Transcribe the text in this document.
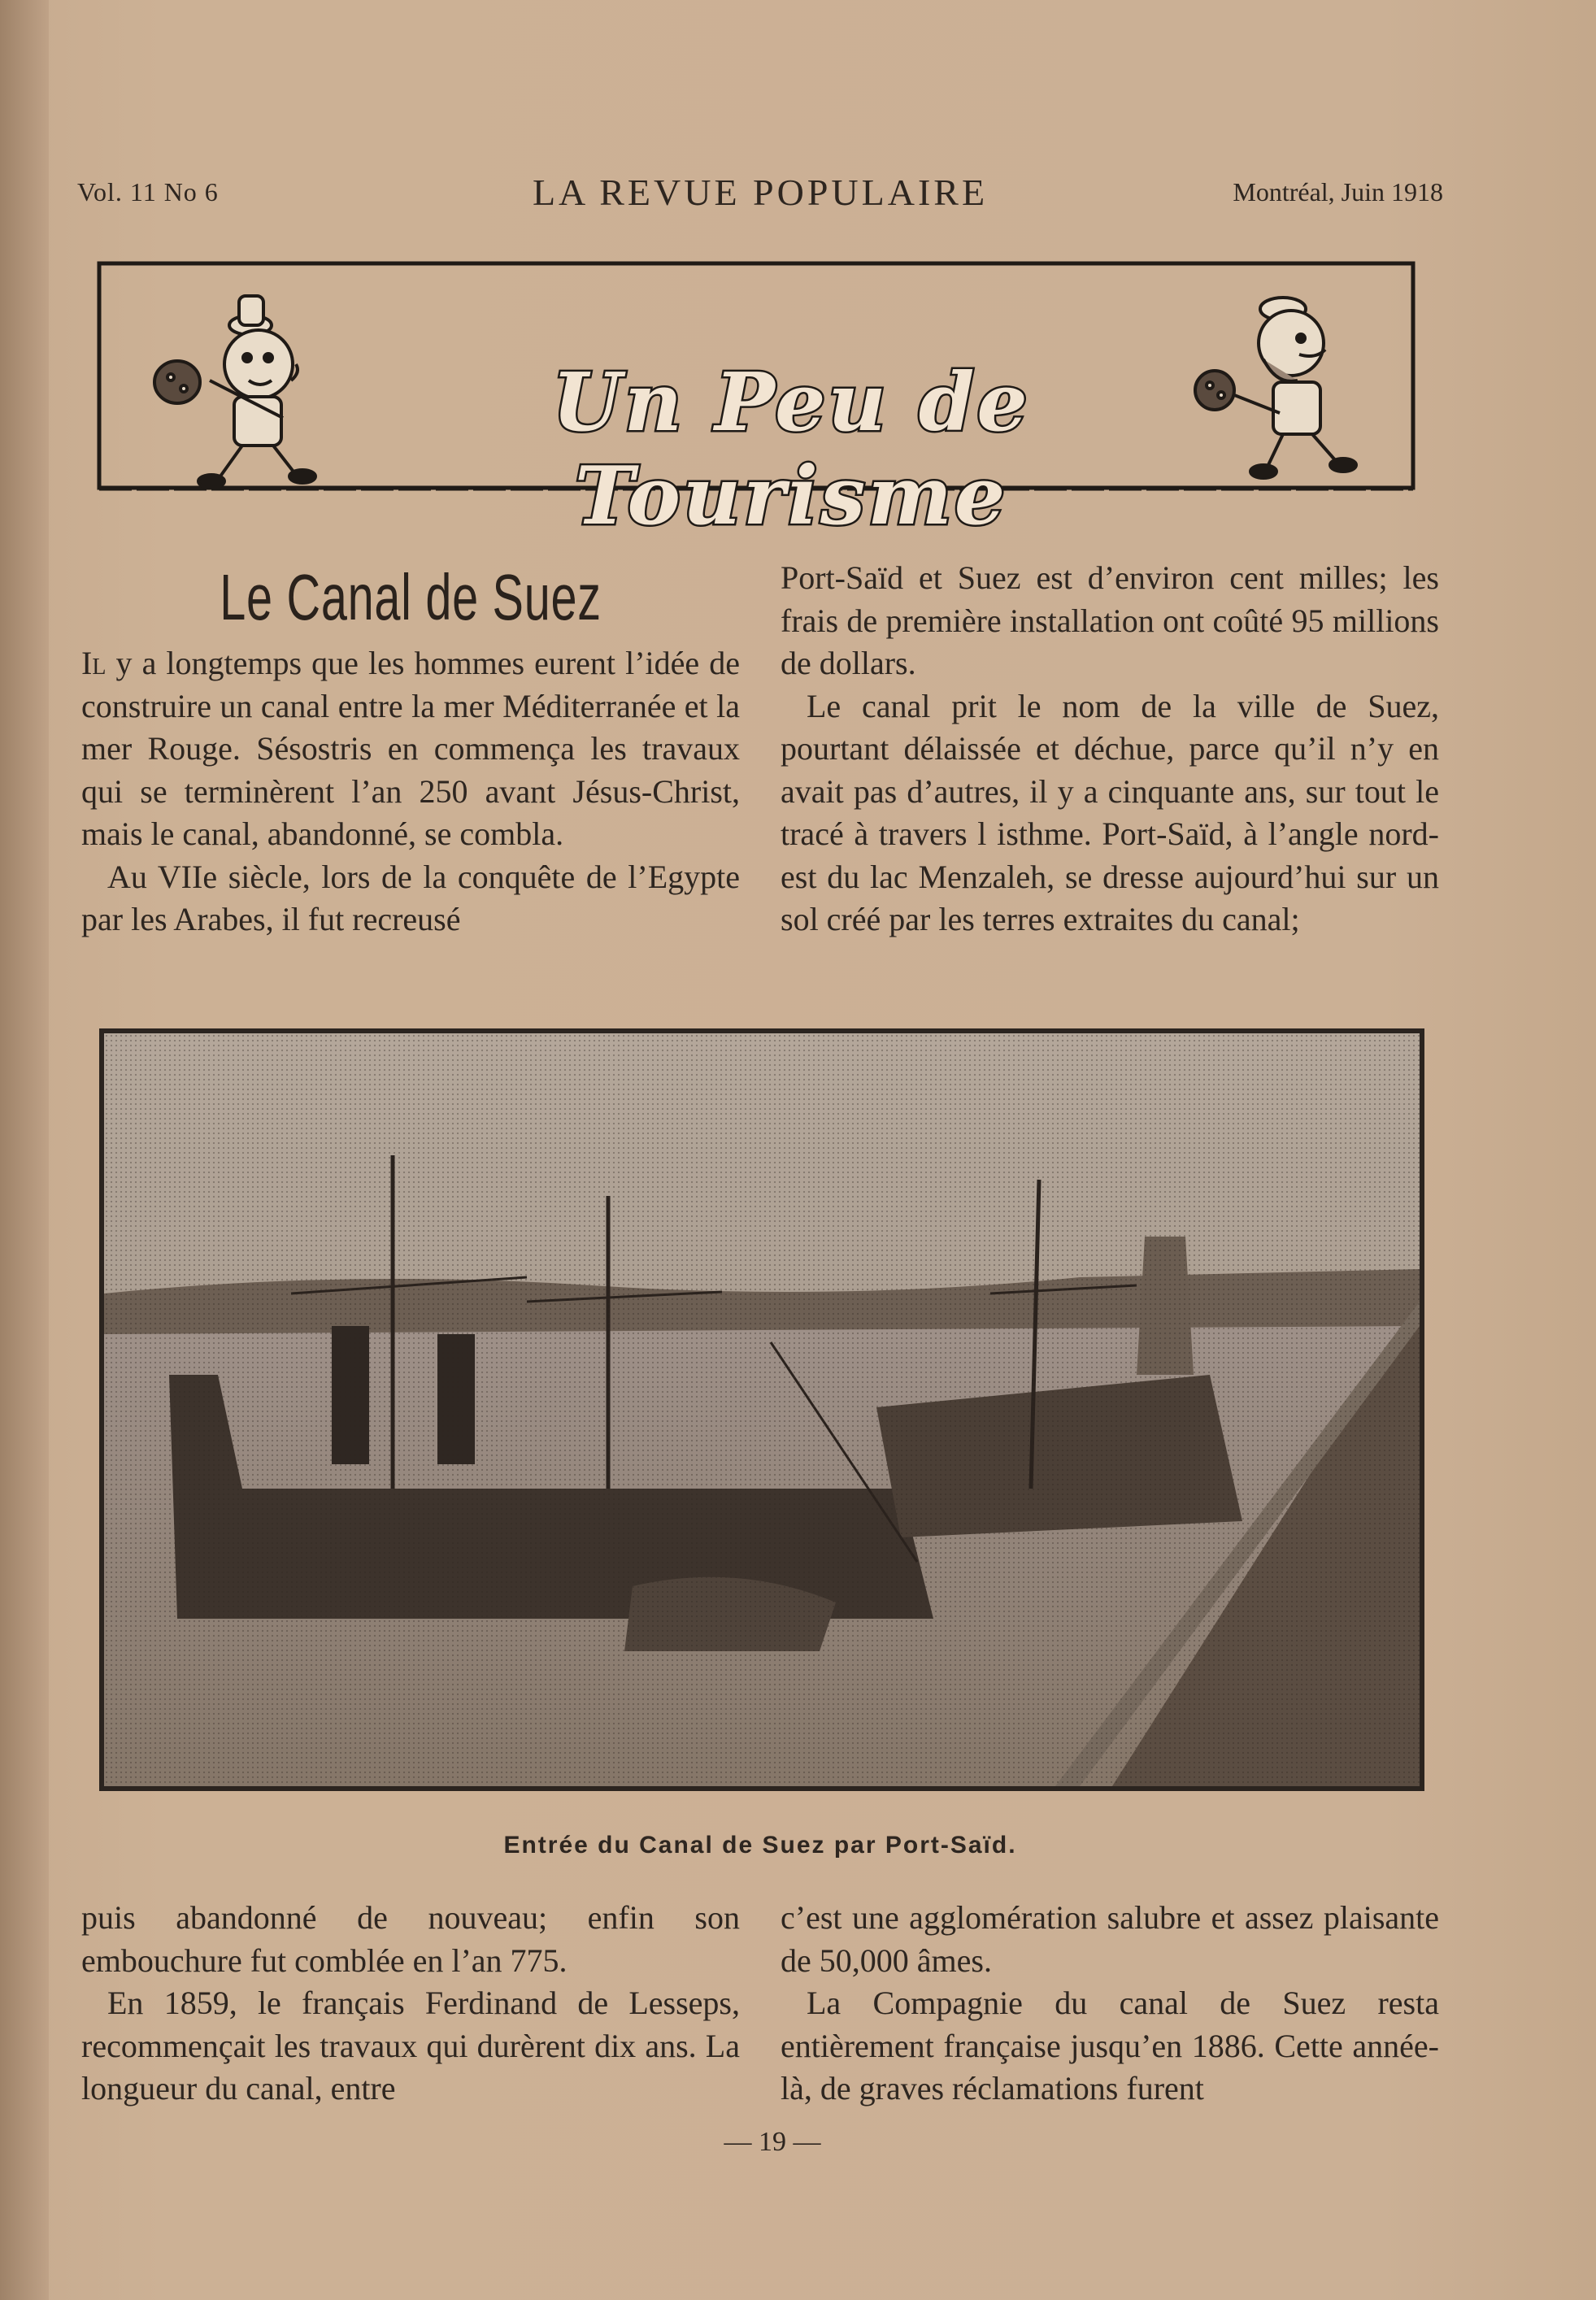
Vol. 11 No 6	LA REVUE POPULAIRE	Montréal, Juin 1918
Un Peu de Tourisme
Le Canal de Suez

Il y a longtemps que les hommes eurent l’idée de construire un canal entre la mer Méditerranée et la mer Rouge. Sésostris en commença les travaux qui se terminèrent l’an 250 avant Jésus-Christ, mais le canal, abandonné, se combla.

Au VIIe siècle, lors de la conquête de l’Egypte par les Arabes, il fut recreusé

Port-Saïd et Suez est d’environ cent milles; les frais de première installation ont coûté 95 millions de dollars.

Le canal prit le nom de la ville de Suez, pourtant délaissée et déchue, parce qu’il n’y en avait pas d’autres, il y a cinquante ans, sur tout le tracé à travers l isthme. Port-Saïd, à l’angle nord-est du lac Menzaleh, se dresse aujourd’hui sur un sol créé par les terres extraites du canal;

Entrée du Canal de Suez par Port-Saïd.

puis abandonné de nouveau; enfin son embouchure fut comblée en l’an 775.

En 1859, le français Ferdinand de Lesseps, recommençait les travaux qui durèrent dix ans. La longueur du canal, entre

c’est une agglomération salubre et assez plaisante de 50,000 âmes.

La Compagnie du canal de Suez resta entièrement française jusqu’en 1886. Cette année-là, de graves réclamations furent

— 19 —
